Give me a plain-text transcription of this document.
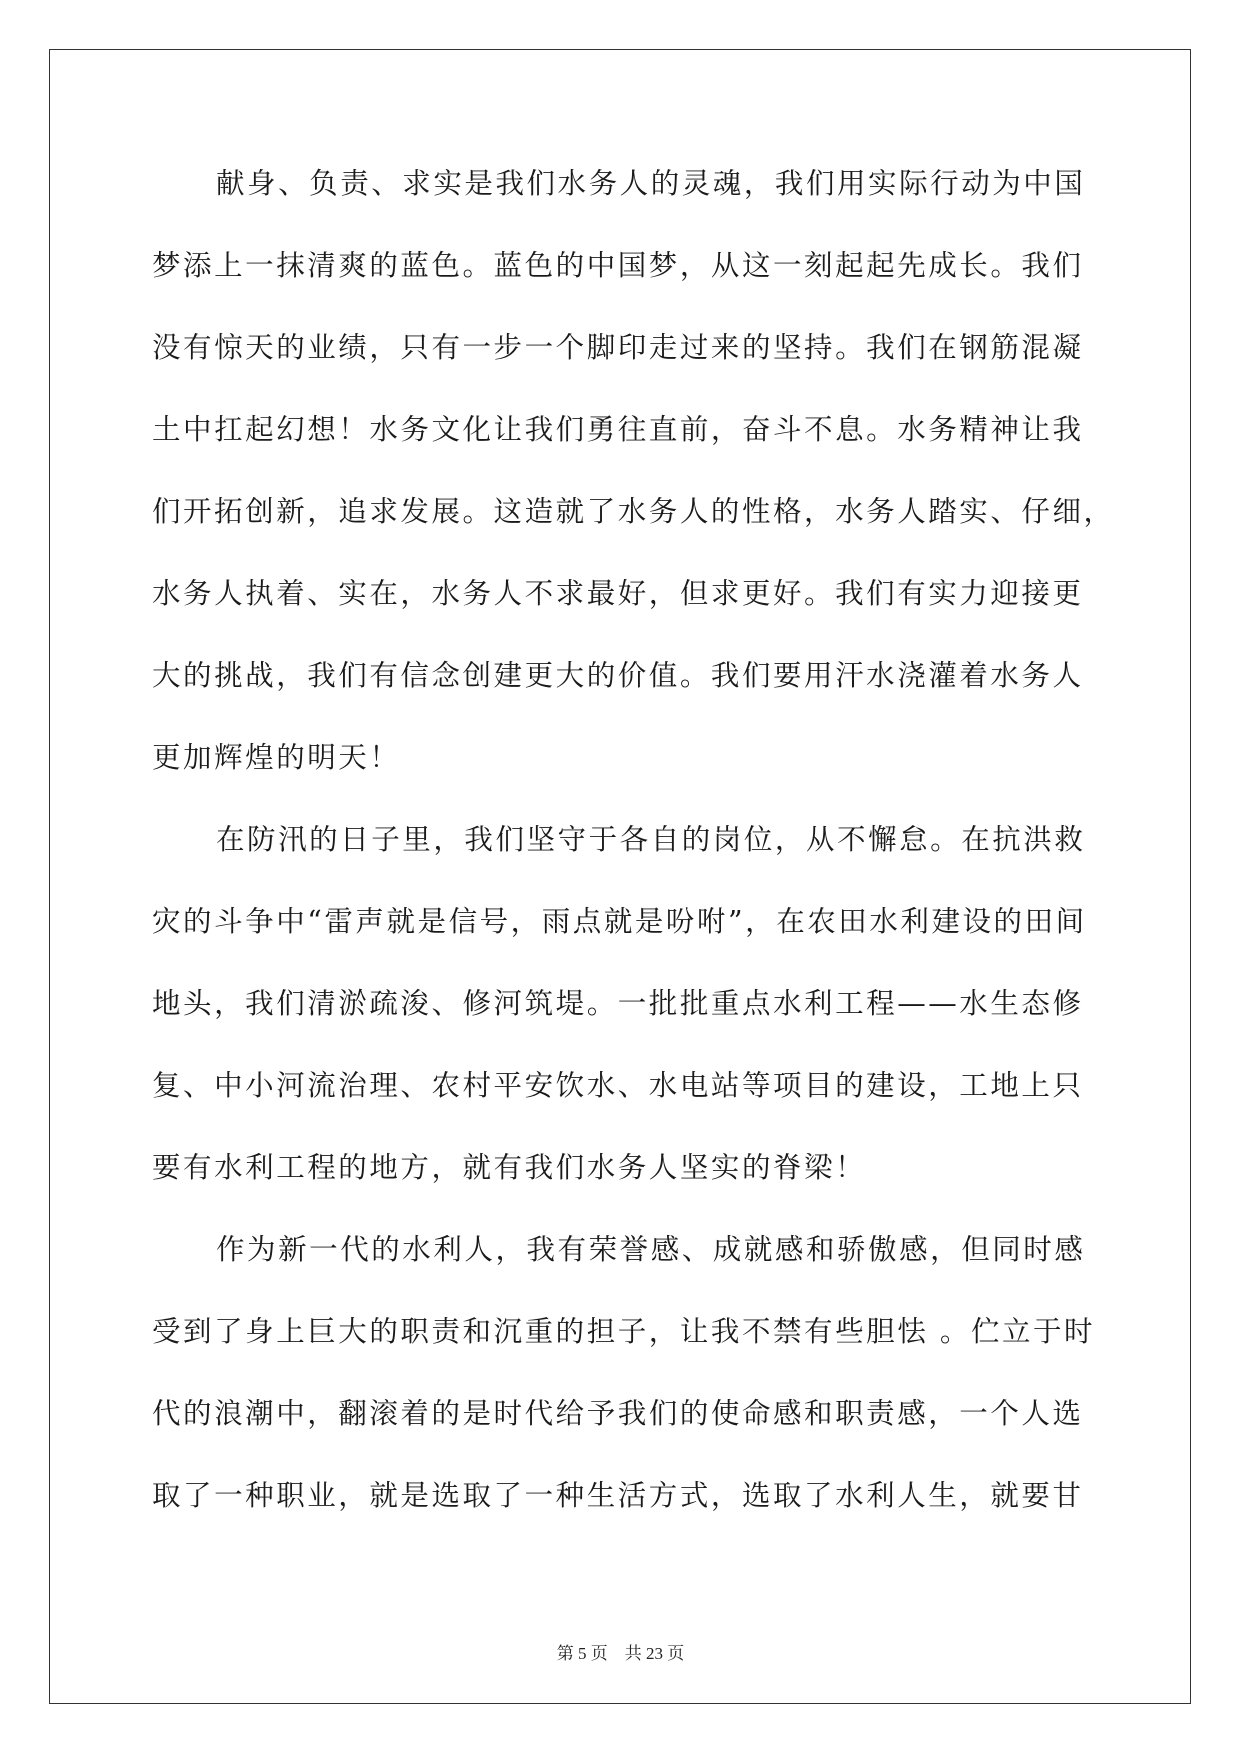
献身、负责、求实是我们水务人的灵魂，我们用实际行动为中国
梦添上一抹清爽的蓝色。蓝色的中国梦，从这一刻起起先成长。我们
没有惊天的业绩，只有一步一个脚印走过来的坚持。我们在钢筋混凝
土中扛起幻想！水务文化让我们勇往直前，奋斗不息。水务精神让我
们开拓创新，追求发展。这造就了水务人的性格，水务人踏实、仔细，
水务人执着、实在，水务人不求最好，但求更好。我们有实力迎接更
大的挑战，我们有信念创建更大的价值。我们要用汗水浇灌着水务人
更加辉煌的明天！
在防汛的日子里，我们坚守于各自的岗位，从不懈怠。在抗洪救
灾的斗争中“雷声就是信号，雨点就是吩咐”，在农田水利建设的田间
地头，我们清淤疏浚、修河筑堤。一批批重点水利工程——水生态修
复、中小河流治理、农村平安饮水、水电站等项目的建设，工地上只
要有水利工程的地方，就有我们水务人坚实的脊梁！
作为新一代的水利人，我有荣誉感、成就感和骄傲感，但同时感
受到了身上巨大的职责和沉重的担子，让我不禁有些胆怯 。伫立于时
代的浪潮中，翻滚着的是时代给予我们的使命感和职责感，一个人选
取了一种职业，就是选取了一种生活方式，选取了水利人生，就要甘
第 5 页 共 23 页
